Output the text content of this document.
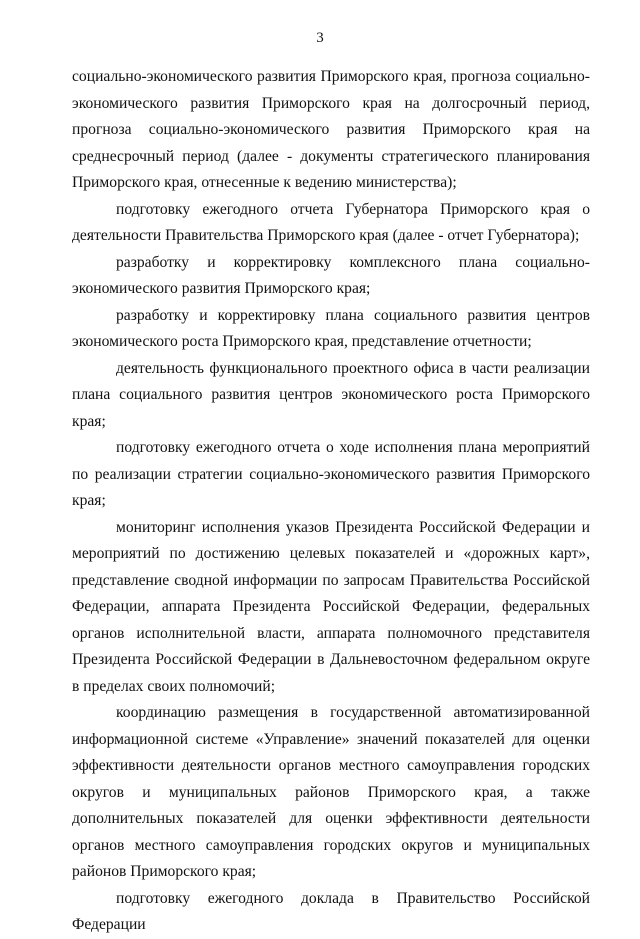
3

социально-экономического развития Приморского края, прогноза социально-экономического развития Приморского края на долгосрочный период, прогноза социально-экономического развития Приморского края на среднесрочный период (далее - документы стратегического планирования Приморского края, отнесенные к ведению министерства);

подготовку ежегодного отчета Губернатора Приморского края о деятельности Правительства Приморского края (далее - отчет Губернатора);

разработку и корректировку комплексного плана социально-экономического развития Приморского края;

разработку и корректировку плана социального развития центров экономического роста Приморского края, представление отчетности;

деятельность функционального проектного офиса в части реализации плана социального развития центров экономического роста Приморского края;

подготовку ежегодного отчета о ходе исполнения плана мероприятий по реализации стратегии социально-экономического развития Приморского края;

мониторинг исполнения указов Президента Российской Федерации и мероприятий по достижению целевых показателей и «дорожных карт», представление сводной информации по запросам Правительства Российской Федерации, аппарата Президента Российской Федерации, федеральных органов исполнительной власти, аппарата полномочного представителя Президента Российской Федерации в Дальневосточном федеральном округе в пределах своих полномочий;

координацию размещения в государственной автоматизированной информационной системе «Управление» значений показателей для оценки эффективности деятельности органов местного самоуправления городских округов и муниципальных районов Приморского края, а также дополнительных показателей для оценки эффективности деятельности органов местного самоуправления городских округов и муниципальных районов Приморского края;

подготовку ежегодного доклада в Правительство Российской Федерации
